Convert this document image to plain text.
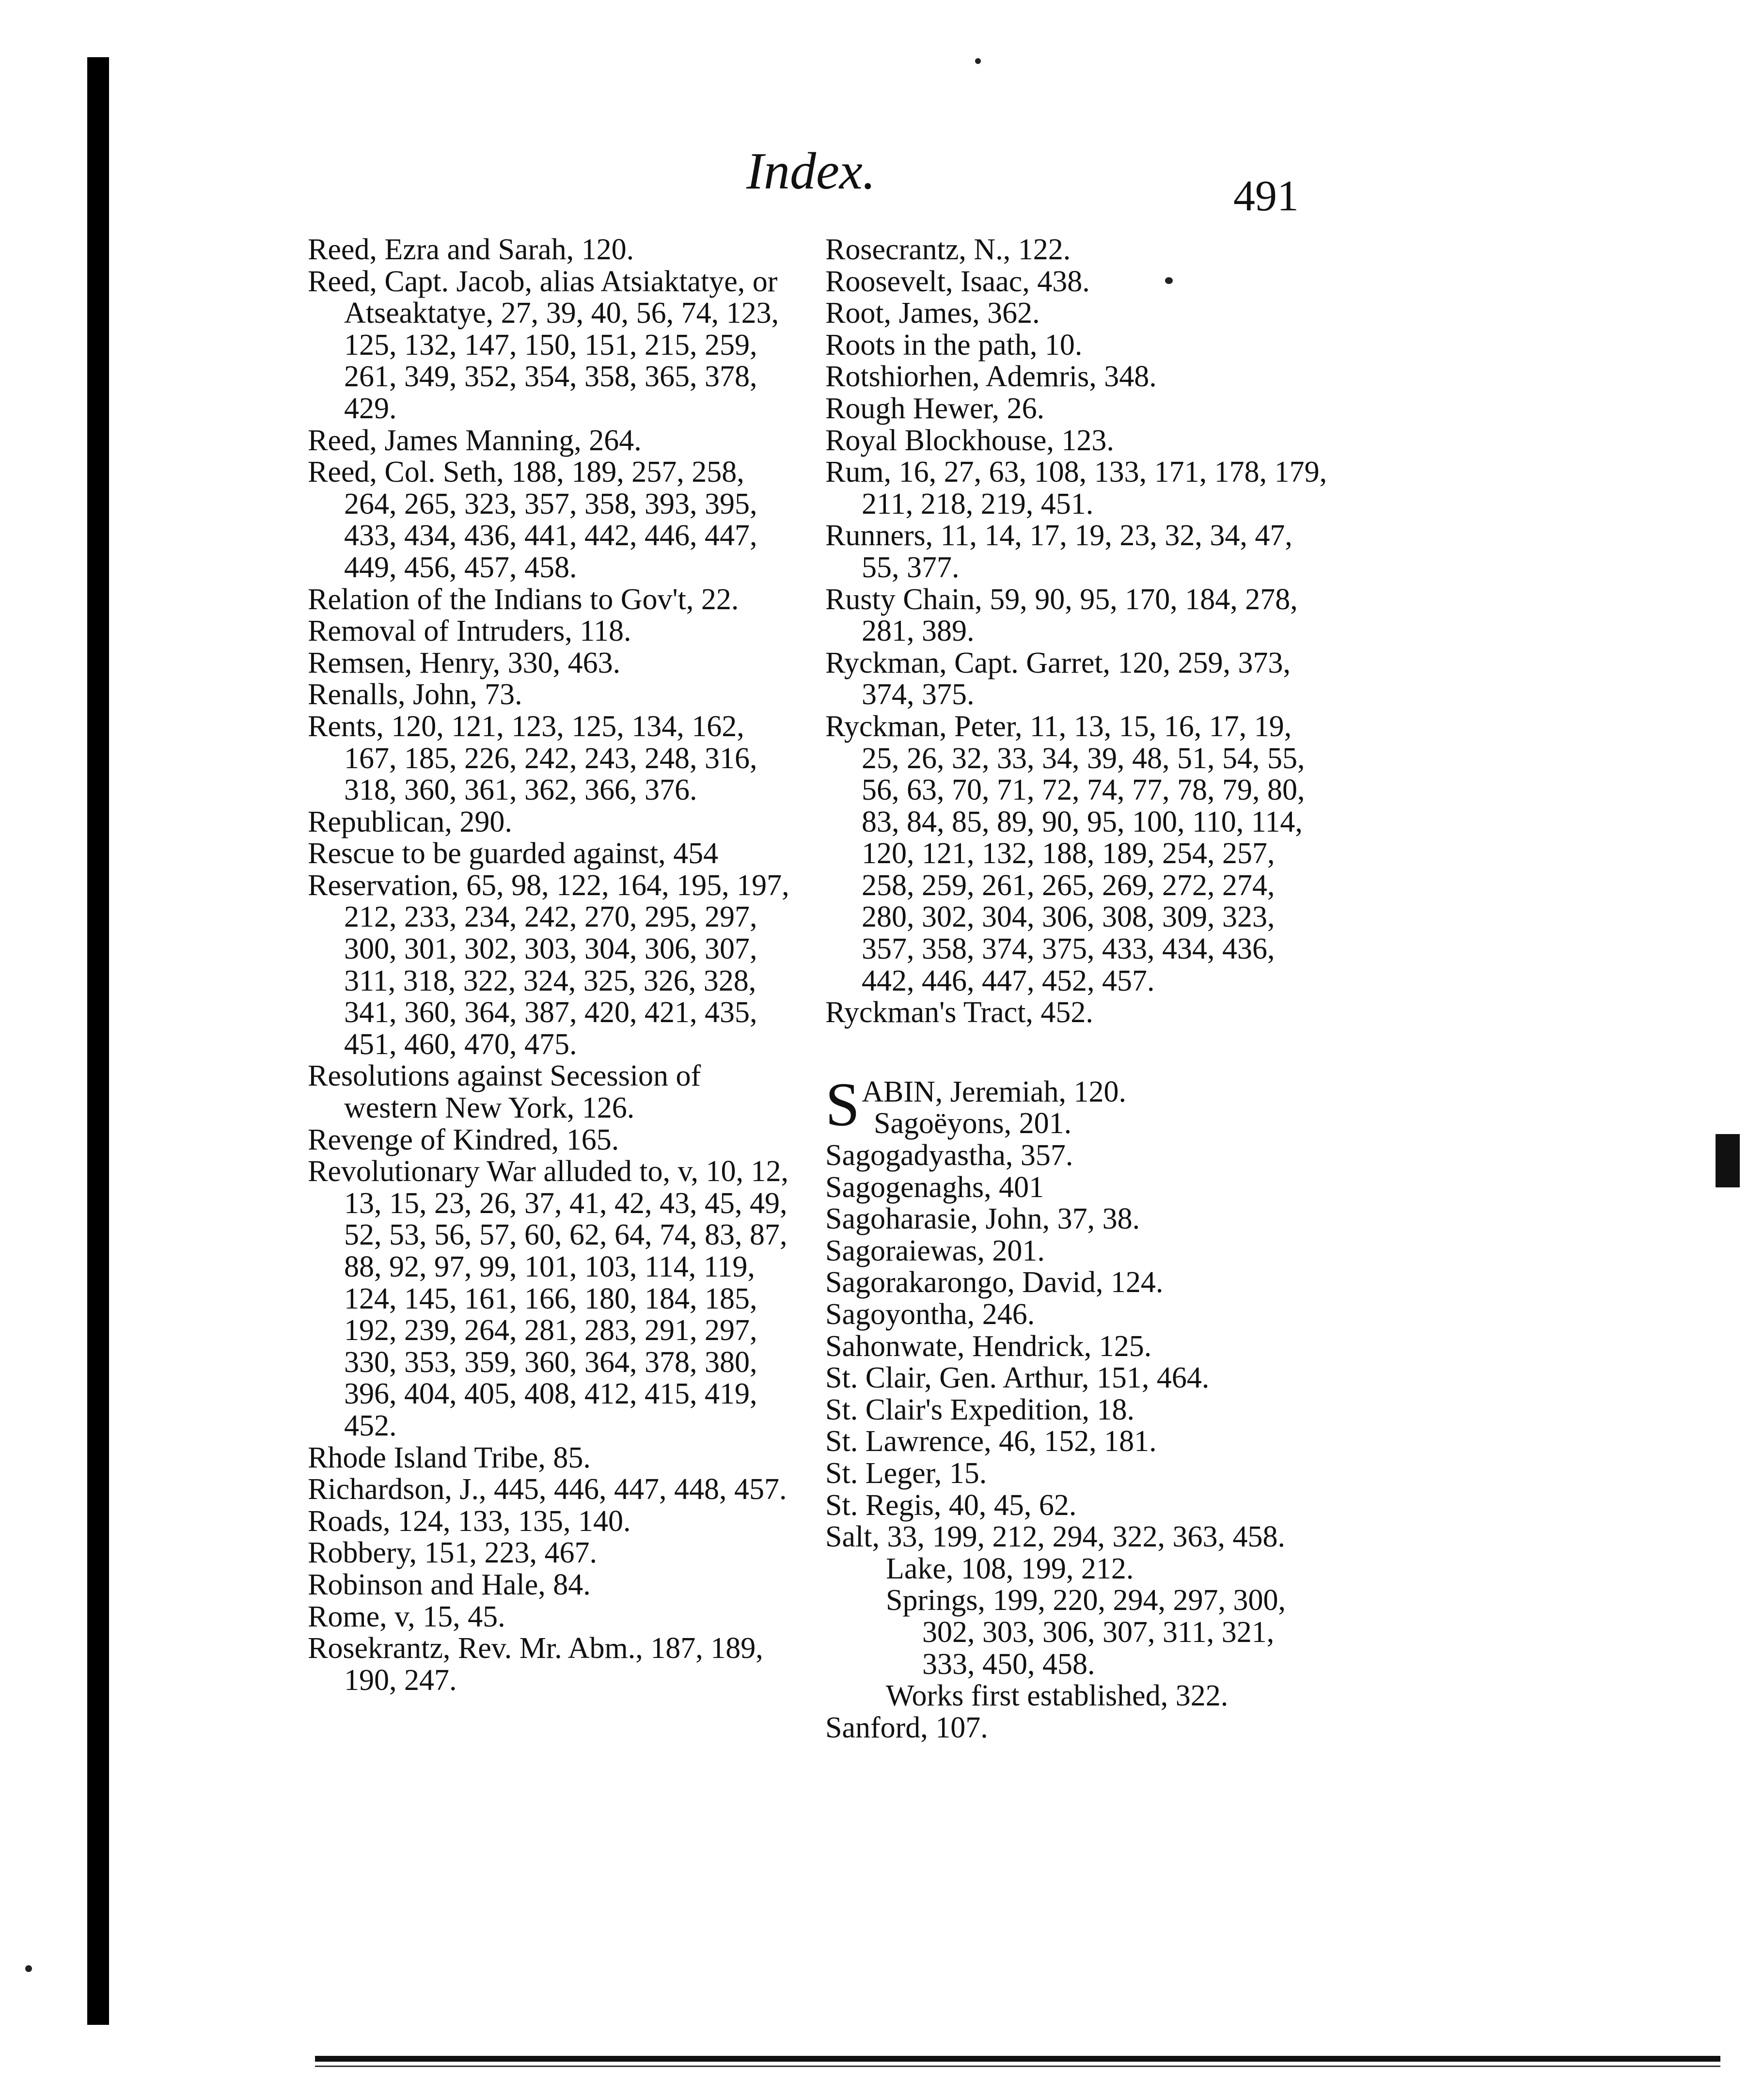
Index.	491

Reed, Ezra and Sarah, 120.

Reed, Capt. Jacob, alias Atsiaktatye, or Atseaktatye, 27, 39, 40, 56, 74, 123, 125, 132, 147, 150, 151, 215, 259, 261, 349, 352, 354, 358, 365, 378, 429.

Reed, James Manning, 264.

Reed, Col. Seth, 188, 189, 257, 258, 264, 265, 323, 357, 358, 393, 395, 433, 434, 436, 441, 442, 446, 447, 449, 456, 457, 458.

Relation of the Indians to Gov't, 22.

Removal of Intruders, 118.

Remsen, Henry, 330, 463.

Renalls, John, 73.

Rents, 120, 121, 123, 125, 134, 162, 167, 185, 226, 242, 243, 248, 316, 318, 360, 361, 362, 366, 376.

Republican, 290.

Rescue to be guarded against, 454

Reservation, 65, 98, 122, 164, 195, 197, 212, 233, 234, 242, 270, 295, 297, 300, 301, 302, 303, 304, 306, 307, 311, 318, 322, 324, 325, 326, 328, 341, 360, 364, 387, 420, 421, 435, 451, 460, 470, 475.

Resolutions against Secession of western New York, 126.

Revenge of Kindred, 165.

Revolutionary War alluded to, v, 10, 12, 13, 15, 23, 26, 37, 41, 42, 43, 45, 49, 52, 53, 56, 57, 60, 62, 64, 74, 83, 87, 88, 92, 97, 99, 101, 103, 114, 119, 124, 145, 161, 166, 180, 184, 185, 192, 239, 264, 281, 283, 291, 297, 330, 353, 359, 360, 364, 378, 380, 396, 404, 405, 408, 412, 415, 419, 452.

Rhode Island Tribe, 85.

Richardson, J., 445, 446, 447, 448, 457.

Roads, 124, 133, 135, 140.

Robbery, 151, 223, 467.

Robinson and Hale, 84.

Rome, v, 15, 45.

Rosekrantz, Rev. Mr. Abm., 187, 189, 190, 247.

Rosecrantz, N., 122.

Roosevelt, Isaac, 438.

Root, James, 362.

Roots in the path, 10.

Rotshiorhen, Ademris, 348.

Rough Hewer, 26.

Royal Blockhouse, 123.

Rum, 16, 27, 63, 108, 133, 171, 178, 179, 211, 218, 219, 451.

Runners, 11, 14, 17, 19, 23, 32, 34, 47, 55, 377.

Rusty Chain, 59, 90, 95, 170, 184, 278, 281, 389.

Ryckman, Capt. Garret, 120, 259, 373, 374, 375.

Ryckman, Peter, 11, 13, 15, 16, 17, 19, 25, 26, 32, 33, 34, 39, 48, 51, 54, 55, 56, 63, 70, 71, 72, 74, 77, 78, 79, 80, 83, 84, 85, 89, 90, 95, 100, 110, 114, 120, 121, 132, 188, 189, 254, 257, 258, 259, 261, 265, 269, 272, 274, 280, 302, 304, 306, 308, 309, 323, 357, 358, 374, 375, 433, 434, 436, 442, 446, 447, 452, 457.

Ryckman's Tract, 452.

S ABIN, Jeremiah, 120.

Sagoëyons, 201.

Sagogadyastha, 357.

Sagogenaghs, 401

Sagoharasie, John, 37, 38.

Sagoraiewas, 201.

Sagorakarongo, David, 124.

Sagoyontha, 246.

Sahonwate, Hendrick, 125.

St. Clair, Gen. Arthur, 151, 464.

St. Clair's Expedition, 18.

St. Lawrence, 46, 152, 181.

St. Leger, 15.

St. Regis, 40, 45, 62.

Salt, 33, 199, 212, 294, 322, 363, 458.

Lake, 108, 199, 212.

Springs, 199, 220, 294, 297, 300, 302, 303, 306, 307, 311, 321, 333, 450, 458.

Works first established, 322.

Sanford, 107.
